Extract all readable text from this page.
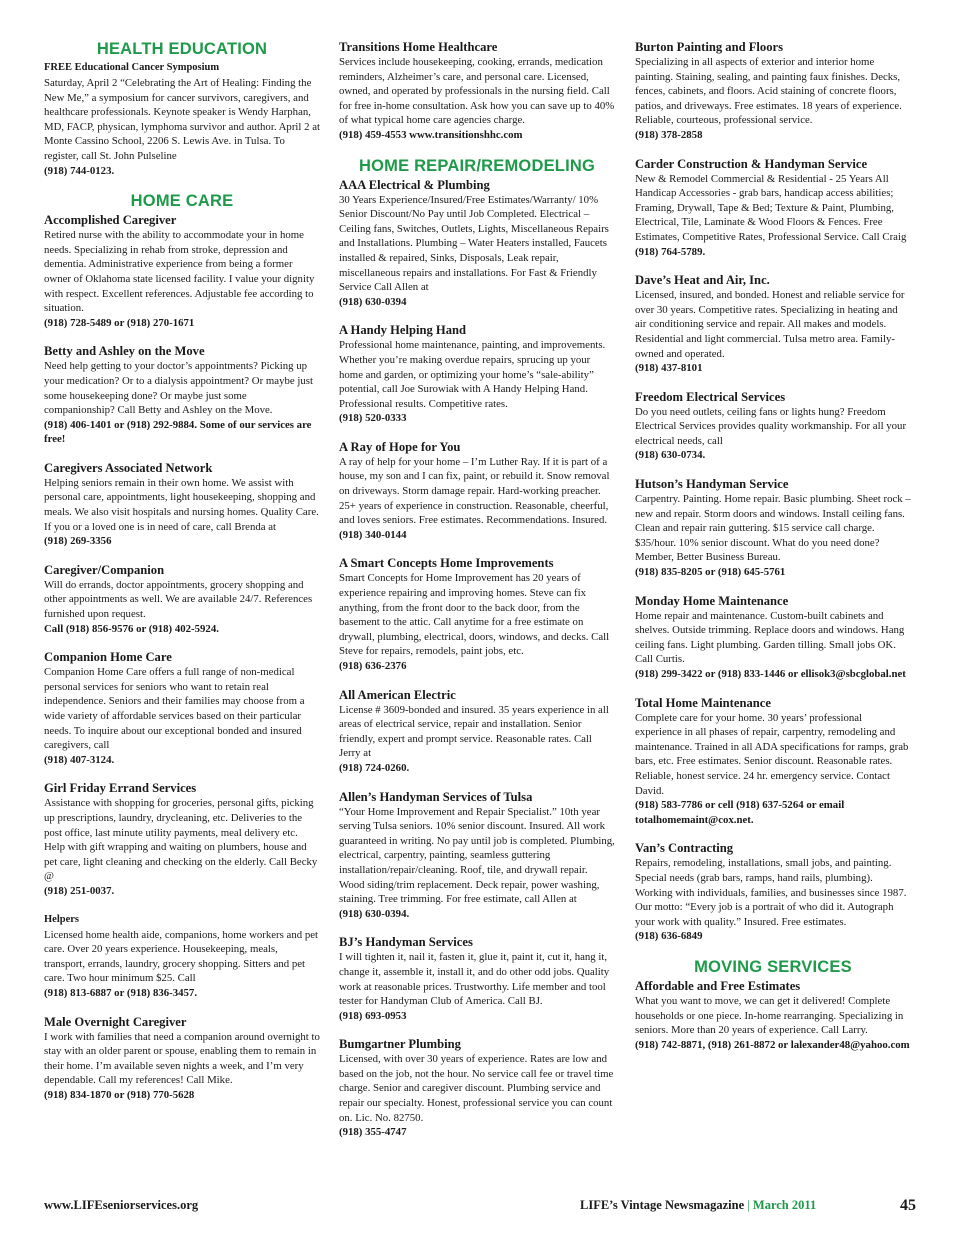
HEALTH EDUCATION
FREE Educational Cancer Symposium

Saturday, April 2 “Celebrating the Art of Healing: Finding the New Me,” a symposium for cancer survivors, caregivers, and healthcare professionals. Keynote speaker is Wendy Harphan, MD, FACP, physican, lymphoma survivor and author. April 2 at Monte Cassino School, 2206 S. Lewis Ave. in Tulsa. To register, call St. John Pulseline

(918) 744-0123.

HOME CARE
Accomplished Caregiver

Retired nurse with the ability to accommodate your in home needs. Specializing in rehab from stroke, depression and dementia. Administrative experience from being a former owner of Oklahoma state licensed facility. I value your dignity with respect. Excellent references. Adjustable fee according to situation.

(918) 728-5489 or (918) 270-1671

Betty and Ashley on the Move

Need help getting to your doctor’s appointments? Picking up your medication? Or to a dialysis appointment? Or maybe just some housekeeping done? Or maybe just some companionship? Call Betty and Ashley on the Move.

(918) 406-1401 or (918) 292-9884. Some of our services are free!

Caregivers Associated Network

Helping seniors remain in their own home. We assist with personal care, appointments, light housekeeping, shopping and meals. We also visit hospitals and nursing homes. Quality Care. If you or a loved one is in need of care, call Brenda at

(918) 269-3356

Caregiver/Companion

Will do errands, doctor appointments, grocery shopping and other appointments as well. We are available 24/7. References furnished upon request.

Call (918) 856-9576 or (918) 402-5924.

Companion Home Care

Companion Home Care offers a full range of non-medical personal services for seniors who want to retain real independence. Seniors and their families may choose from a wide variety of affordable services based on their particular needs. To inquire about our exceptional bonded and insured caregivers, call

(918) 407-3124.

Girl Friday Errand Services

Assistance with shopping for groceries, personal gifts, picking up prescriptions, laundry, drycleaning, etc. Deliveries to the post office, last minute utility payments, meal delivery etc. Help with gift wrapping and waiting on plumbers, house and pet care, light cleaning and checking on the elderly. Call Becky @

(918) 251-0037.

Helpers

Licensed home health aide, companions, home workers and pet care. Over 20 years experience. Housekeeping, meals, transport, errands, laundry, grocery shopping. Sitters and pet care. Two hour minimum $25. Call

(918) 813-6887 or (918) 836-3457.

Male Overnight Caregiver

I work with families that need a companion around overnight to stay with an older parent or spouse, enabling them to remain in their home. I’m available seven nights a week, and I’m very dependable. Call my references! Call Mike.

(918) 834-1870 or (918) 770-5628

Transitions Home Healthcare

Services include housekeeping, cooking, errands, medication reminders, Alzheimer’s care, and personal care. Licensed, owned, and operated by professionals in the nursing field. Call for free in-home consultation. Ask how you can save up to 40% of what typical home care agencies charge.

(918) 459-4553 www.transitionshhc.com

HOME REPAIR/REMODELING
AAA Electrical & Plumbing

30 Years Experience/Insured/Free Estimates/Warranty/ 10% Senior Discount/No Pay until Job Completed. Electrical – Ceiling fans, Switches, Outlets, Lights, Miscellaneous Repairs and Installations. Plumbing – Water Heaters installed, Faucets installed & repaired, Sinks, Disposals, Leak repair, miscellaneous repairs and installations. For Fast & Friendly Service Call Allen at

(918) 630-0394

A Handy Helping Hand

Professional home maintenance, painting, and improvements. Whether you’re making overdue repairs, sprucing up your home and garden, or optimizing your home’s “sale-ability” potential, call Joe Surowiak with A Handy Helping Hand. Professional results. Competitive rates.

(918) 520-0333

A Ray of Hope for You

A ray of help for your home – I’m Luther Ray. If it is part of a house, my son and I can fix, paint, or rebuild it. Snow removal on driveways. Storm damage repair. Hard-working preacher. 25+ years of experience in construction. Reasonable, cheerful, and loves seniors. Free estimates. Recommendations. Insured.

(918) 340-0144

A Smart Concepts Home Improvements

Smart Concepts for Home Improvement has 20 years of experience repairing and improving homes. Steve can fix anything, from the front door to the back door, from the basement to the attic. Call anytime for a free estimate on drywall, plumbing, electrical, doors, windows, and decks. Call Steve for repairs, remodels, paint jobs, etc.

(918) 636-2376

All American Electric

License # 3609-bonded and insured. 35 years experience in all areas of electrical service, repair and installation. Senior friendly, expert and prompt service. Reasonable rates. Call Jerry at

(918) 724-0260.

Allen’s Handyman Services of Tulsa

“Your Home Improvement and Repair Specialist.” 10th year serving Tulsa seniors. 10% senior discount. Insured. All work guaranteed in writing. No pay until job is completed. Plumbing, electrical, carpentry, painting, seamless guttering installation/repair/cleaning. Roof, tile, and drywall repair. Wood siding/trim replacement. Deck repair, power washing, staining. Tree trimming. For free estimate, call Allen at

(918) 630-0394.

BJ’s Handyman Services

I will tighten it, nail it, fasten it, glue it, paint it, cut it, hang it, change it, assemble it, install it, and do other odd jobs. Quality work at reasonable prices. Trustworthy. Life member and tool tester for Handyman Club of America. Call BJ.

(918) 693-0953

Bumgartner Plumbing

Licensed, with over 30 years of experience. Rates are low and based on the job, not the hour. No service call fee or travel time charge. Senior and caregiver discount. Plumbing service and repair our specialty. Honest, professional service you can count on. Lic. No. 82750.

(918) 355-4747

Burton Painting and Floors

Specializing in all aspects of exterior and interior home painting. Staining, sealing, and painting faux finishes. Decks, fences, cabinets, and floors. Acid staining of concrete floors, patios, and driveways. Free estimates. 18 years of experience. Reliable, courteous, professional service.

(918) 378-2858

Carder Construction & Handyman Service

New & Remodel Commercial & Residential - 25 Years All Handicap Accessories - grab bars, handicap access abilities; Framing, Drywall, Tape & Bed; Texture & Paint, Plumbing, Electrical, Tile, Laminate & Wood Floors & Fences. Free Estimates, Competitive Rates, Professional Service. Call Craig

(918) 764-5789.

Dave’s Heat and Air, Inc.

Licensed, insured, and bonded. Honest and reliable service for over 30 years. Competitive rates. Specializing in heating and air conditioning service and repair. All makes and models. Residential and light commercial. Tulsa metro area. Family-owned and operated.

(918) 437-8101

Freedom Electrical Services

Do you need outlets, ceiling fans or lights hung? Freedom Electrical Services provides quality workmanship. For all your electrical needs, call

(918) 630-0734.

Hutson’s Handyman Service

Carpentry. Painting. Home repair. Basic plumbing. Sheet rock – new and repair. Storm doors and windows. Install ceiling fans. Clean and repair rain guttering. $15 service call charge. $35/hour. 10% senior discount. What do you need done? Member, Better Business Bureau.

(918) 835-8205 or (918) 645-5761

Monday Home Maintenance

Home repair and maintenance. Custom-built cabinets and shelves. Outside trimming. Replace doors and windows. Hang ceiling fans. Light plumbing. Garden tilling. Small jobs OK. Call Curtis.

(918) 299-3422 or (918) 833-1446 or ellisok3@sbcglobal.net

Total Home Maintenance

Complete care for your home. 30 years’ professional experience in all phases of repair, carpentry, remodeling and maintenance. Trained in all ADA specifications for ramps, grab bars, etc. Free estimates. Senior discount. Reasonable rates. Reliable, honest service. 24 hr. emergency service. Contact David.

(918) 583-7786 or cell (918) 637-5264 or email totalhomemaint@cox.net.

Van’s Contracting

Repairs, remodeling, installations, small jobs, and painting. Special needs (grab bars, ramps, hand rails, plumbing). Working with individuals, families, and businesses since 1987. Our motto: “Every job is a portrait of who did it. Autograph your work with quality.” Insured. Free estimates.

(918) 636-6849

MOVING SERVICES
Affordable and Free Estimates

What you want to move, we can get it delivered! Complete households or one piece. In-home rearranging. Specializing in seniors. More than 20 years of experience. Call Larry.

(918) 742-8871, (918) 261-8872 or lalexander48@yahoo.com

www.LIFEseniorservices.org	LIFE’s Vintage Newsmagazine | March 2011	45
